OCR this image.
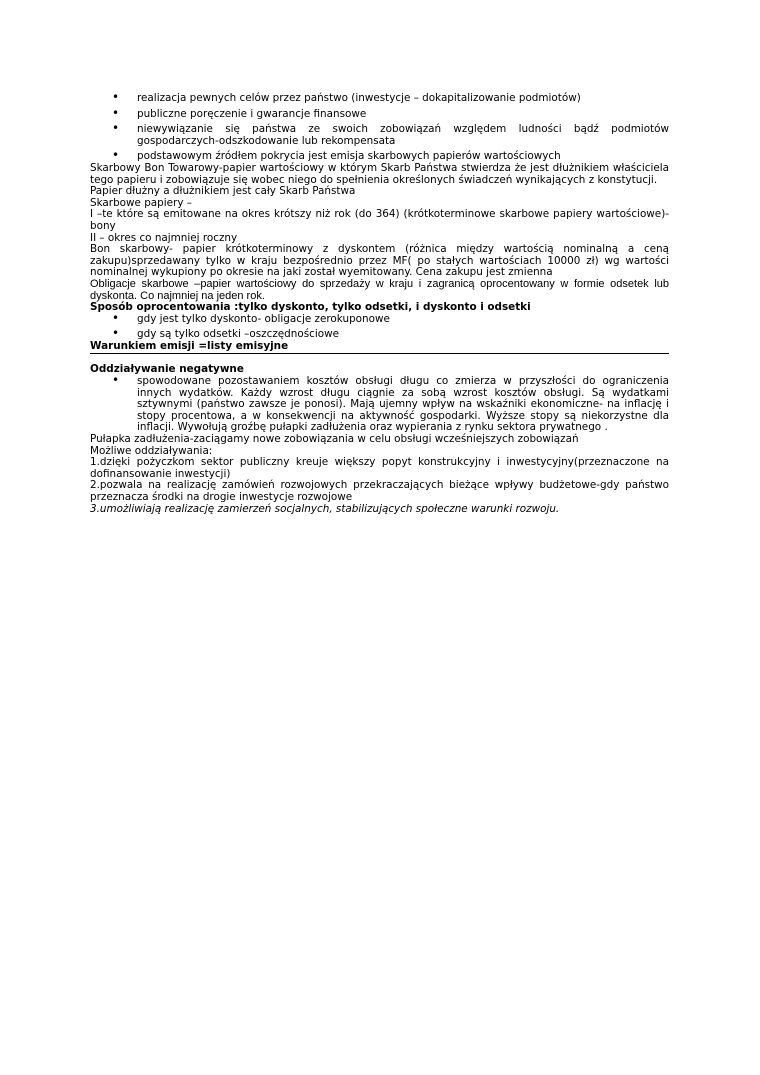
• realizacja pewnych celów przez państwo (inwestycje – dokapitalizowanie podmiotów)
• publiczne poręczenie i gwarancje finansowe
• niewywiązanie się państwa ze swoich zobowiązań względem ludności bądź podmiotów gospodarczych-odszkodowanie lub rekompensata
• podstawowym źródłem pokrycia jest emisja skarbowych papierów wartościowych

Skarbowy Bon Towarowy-papier wartościowy w którym Skarb Państwa stwierdza że jest dłużnikiem właściciela tego papieru i zobowiązuje się wobec niego do spełnienia określonych świadczeń wynikających z konstytucji.

Papier dłużny a dłużnikiem jest cały Skarb Państwa

Skarbowe papiery –

I –te które są emitowane na okres krótszy niż rok (do 364) (krótkoterminowe skarbowe papiery wartościowe)- bony

II – okres co najmniej roczny

Bon skarbowy- papier krótkoterminowy z dyskontem (różnica między wartością nominalną a ceną zakupu)sprzedawany tylko w kraju bezpośrednio przez MF( po stałych wartościach 10000 zł) wg wartości nominalnej wykupiony po okresie na jaki został wyemitowany. Cena zakupu jest zmienna

Obligacje skarbowe –papier wartościowy do sprzedaży w kraju i zagranicą oprocentowany w formie odsetek lub dyskonta. Co najmniej na jeden rok.

Sposób oprocentowania :tylko dyskonto, tylko odsetki, i dyskonto i odsetki

• gdy jest tylko dyskonto- obligacje zerokuponowe
• gdy są tylko odsetki –oszczędnościowe

Warunkiem emisji =listy emisyjne

Oddziaływanie negatywne

• spowodowane pozostawaniem kosztów obsługi długu co zmierza w przyszłości do ograniczenia innych wydatków. Każdy wzrost długu ciągnie za sobą wzrost kosztów obsługi. Są wydatkami sztywnymi (państwo zawsze je ponosi). Mają ujemny wpływ na wskaźniki ekonomiczne- na inflację i stopy procentowa, a w konsekwencji na aktywność gospodarki. Wyższe stopy są niekorzystne dla inflacji. Wywołują groźbę pułapki zadłużenia oraz wypierania z rynku sektora prywatnego .

Pułapka zadłużenia-zaciągamy nowe zobowiązania w celu obsługi wcześniejszych zobowiązań

Możliwe oddziaływania:

1.dzięki pożyczkom sektor publiczny kreuje większy popyt konstrukcyjny i inwestycyjny(przeznaczone na dofinansowanie inwestycji)

2.pozwala na realizację zamówień rozwojowych przekraczających bieżące wpływy budżetowe-gdy państwo przeznacza środki na drogie inwestycje rozwojowe

3.umożliwiają realizację zamierzeń socjalnych, stabilizujących społeczne warunki rozwoju.
